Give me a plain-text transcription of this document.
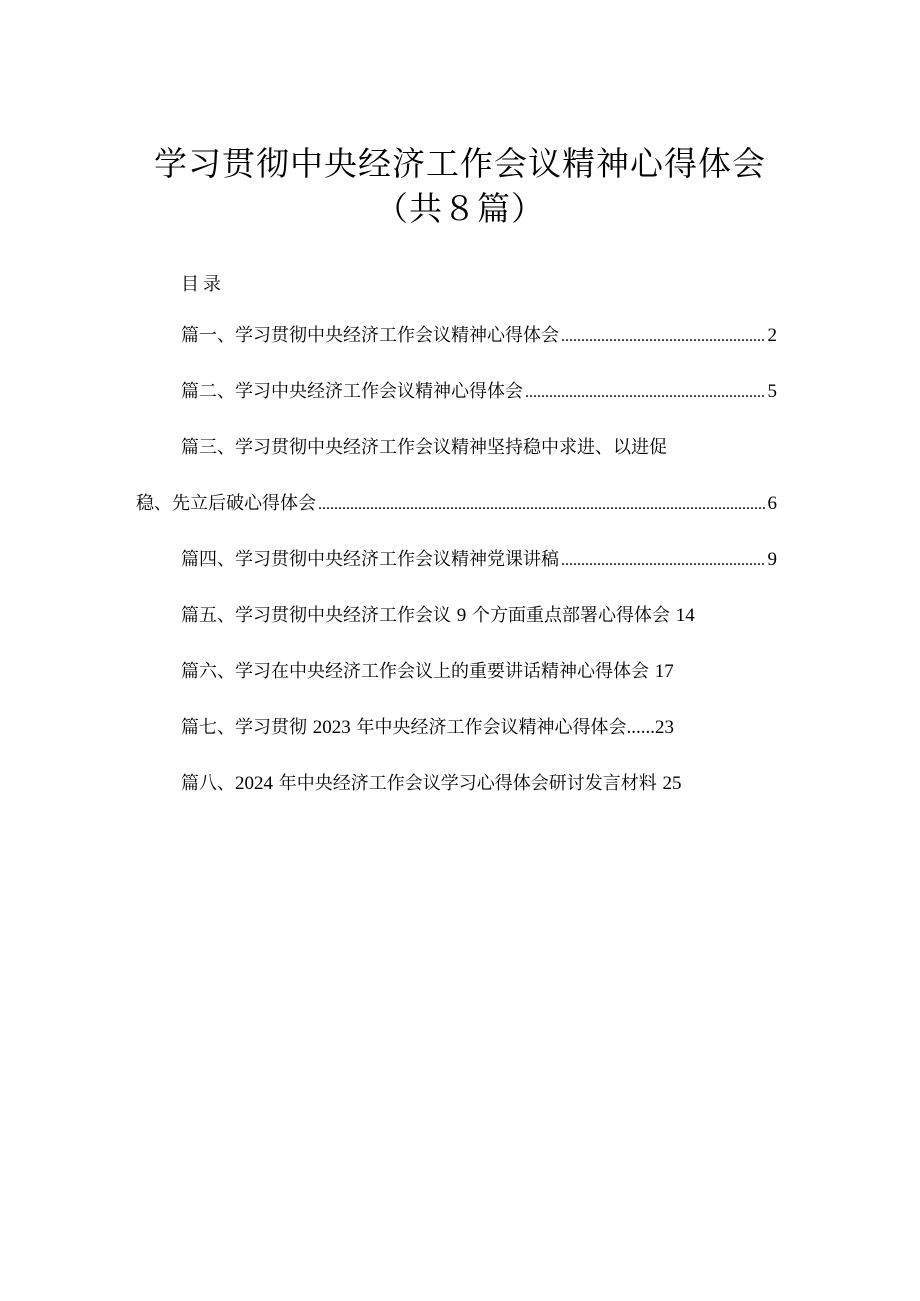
学习贯彻中央经济工作会议精神心得体会
（共８篇）
目录
篇一、学习贯彻中央经济工作会议精神心得体会 .....	2
篇二、学习中央经济工作会议精神心得体会 .....	5
篇三、学习贯彻中央经济工作会议精神坚持稳中求进、以进促
稳、先立后破心得体会 .....	6
篇四、学习贯彻中央经济工作会议精神党课讲稿 .....	9
篇五、学习贯彻中央经济工作会议 9 个方面重点部署心得体会 14
篇六、学习在中央经济工作会议上的重要讲话精神心得体会 17
篇七、学习贯彻 2023 年中央经济工作会议精神心得体会......23
篇八、2024 年中央经济工作会议学习心得体会研讨发言材料 25
